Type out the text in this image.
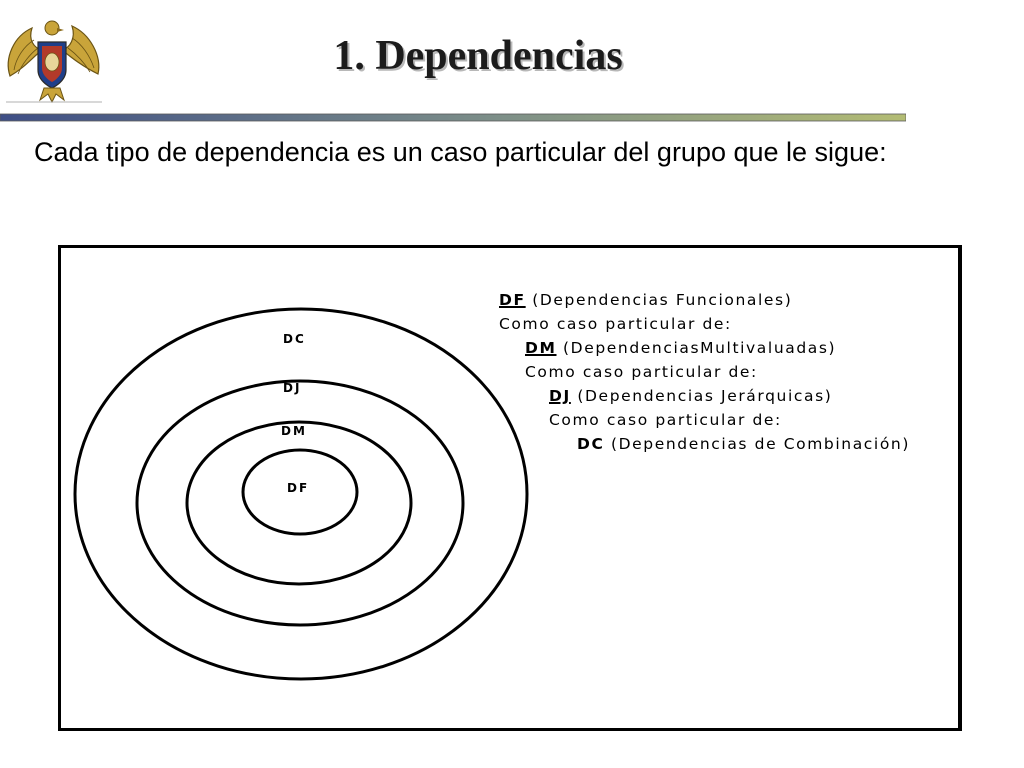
1. Dependencias

Cada tipo de dependencia es un caso particular del grupo que le sigue:

DC
DJ
DM
DF
DF (Dependencias Funcionales)
Como caso particular de:
DM (DependenciasMultivaluadas)
Como caso particular de:
DJ (Dependencias Jerárquicas)
Como caso particular de:
DC (Dependencias de Combinación)
